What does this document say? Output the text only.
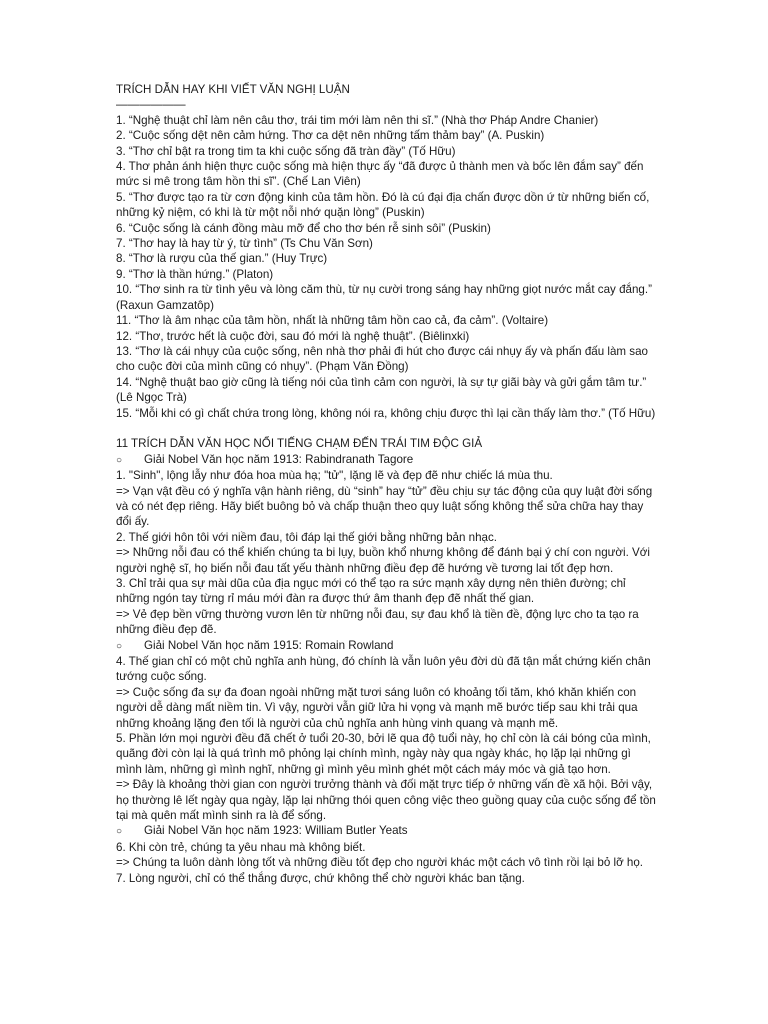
TRÍCH DẪN HAY KHI VIẾT VĂN NGHỊ LUẬN

——————

1. “Nghệ thuật chỉ làm nên câu thơ, trái tim mới làm nên thi sĩ.” (Nhà thơ Pháp Andre Chanier)

2. “Cuộc sống dệt nên cảm hứng. Thơ ca dệt nên những tấm thảm bay” (A. Puskin)

3. “Thơ chỉ bật ra trong tim ta khi cuộc sống đã tràn đầy” (Tố Hữu)

4. Thơ phản ánh hiện thực cuộc sống mà hiện thực ấy “đã được ủ thành men và bốc lên đắm say” đến mức si mê trong tâm hồn thi sĩ”. (Chế Lan Viên)

5. “Thơ được tạo ra từ cơn động kinh của tâm hồn. Đó là cú đại địa chấn được dồn ứ từ những biến cố, những kỷ niệm, có khi là từ một nỗi nhớ quặn lòng” (Puskin)

6. “Cuộc sống là cánh đồng màu mỡ để cho thơ bén rễ sinh sôi” (Puskin)

7. “Thơ hay là hay từ ý, từ tình” (Ts Chu Văn Sơn)

8. “Thơ là rượu của thế gian.” (Huy Trực)

9. “Thơ là thần hứng.” (Platon)

10. “Thơ sinh ra từ tình yêu và lòng căm thù, từ nụ cười trong sáng hay những giọt nước mắt cay đắng.” (Raxun Gamzatôp)

11. “Thơ là âm nhạc của tâm hồn, nhất là những tâm hồn cao cả, đa cảm”. (Voltaire)

12. “Thơ, trước hết là cuộc đời, sau đó mới là nghệ thuật”. (Biêlinxki)

13. “Thơ là cái nhụy của cuộc sống, nên nhà thơ phải đi hút cho được cái nhụy ấy và phấn đấu làm sao cho cuộc đời của mình cũng có nhụy”. (Phạm Văn Đồng)

14. “Nghệ thuật bao giờ cũng là tiếng nói của tình cảm con người, là sự tự giãi bày và gửi gắm tâm tư.” (Lê Ngọc Trà)

15. “Mỗi khi có gì chất chứa trong lòng, không nói ra, không chịu được thì lại cần thấy làm thơ.” (Tố Hữu)

11 TRÍCH DẪN VĂN HỌC NỔI TIẾNG CHẠM ĐẾN TRÁI TIM ĐỘC GIẢ

○	Giải Nobel Văn học năm 1913: Rabindranath Tagore

1. "Sinh", lộng lẫy như đóa hoa mùa hạ; "tử", lặng lẽ và đẹp đẽ như chiếc lá mùa thu.

=> Vạn vật đều có ý nghĩa vận hành riêng, dù “sinh” hay “tử” đều chịu sự tác động của quy luật đời sống và có nét đẹp riêng. Hãy biết buông bỏ và chấp thuận theo quy luật sống không thể sửa chữa hay thay đổi ấy.

2. Thế giới hôn tôi với niềm đau, tôi đáp lại thế giới bằng những bản nhạc.

=> Những nỗi đau có thể khiến chúng ta bi lụy, buồn khổ nhưng không để đánh bại ý chí con người. Với người nghệ sĩ, họ biến nỗi đau tất yếu thành những điều đẹp đẽ hướng về tương lai tốt đẹp hơn.

3. Chỉ trải qua sự mài dũa của địa ngục mới có thể tạo ra sức mạnh xây dựng nên thiên đường; chỉ những ngón tay từng rỉ máu mới đàn ra được thứ âm thanh đẹp đẽ nhất thế gian.

=> Vẻ đẹp bền vững thường vươn lên từ những nỗi đau, sự đau khổ là tiền đề, động lực cho ta tạo ra những điều đẹp đẽ.

○	Giải Nobel Văn học năm 1915: Romain Rowland

4. Thế gian chỉ có một chủ nghĩa anh hùng, đó chính là vẫn luôn yêu đời dù đã tận mắt chứng kiến chân tướng cuộc sống.

=> Cuộc sống đa sự đa đoan ngoài những mặt tươi sáng luôn có khoảng tối tăm, khó khăn khiến con người dễ dàng mất niềm tin. Vì vậy, người vẫn giữ lửa hi vọng và mạnh mẽ bước tiếp sau khi trải qua những khoảng lặng đen tối là người của chủ nghĩa anh hùng vinh quang và mạnh mẽ.

5. Phần lớn mọi người đều đã chết ở tuổi 20-30, bởi lẽ qua độ tuổi này, họ chỉ còn là cái bóng của mình, quãng đời còn lại là quá trình mô phỏng lại chính mình, ngày này qua ngày khác, họ lặp lại những gì mình làm, những gì mình nghĩ, những gì mình yêu mình ghét một cách máy móc và giả tạo hơn.

=> Đây là khoảng thời gian con người trưởng thành và đối mặt trực tiếp ở những vấn đề xã hội. Bởi vậy, họ thường lê lết ngày qua ngày, lặp lại những thói quen công việc theo guồng quay của cuộc sống để tồn tại mà quên mất mình sinh ra là để sống.

○	Giải Nobel Văn học năm 1923: William Butler Yeats

6. Khi còn trẻ, chúng ta yêu nhau mà không biết.

=> Chúng ta luôn dành lòng tốt và những điều tốt đẹp cho người khác một cách vô tình rồi lại bỏ lỡ họ.

7. Lòng người, chỉ có thể thắng được, chứ không thể chờ người khác ban tặng.
